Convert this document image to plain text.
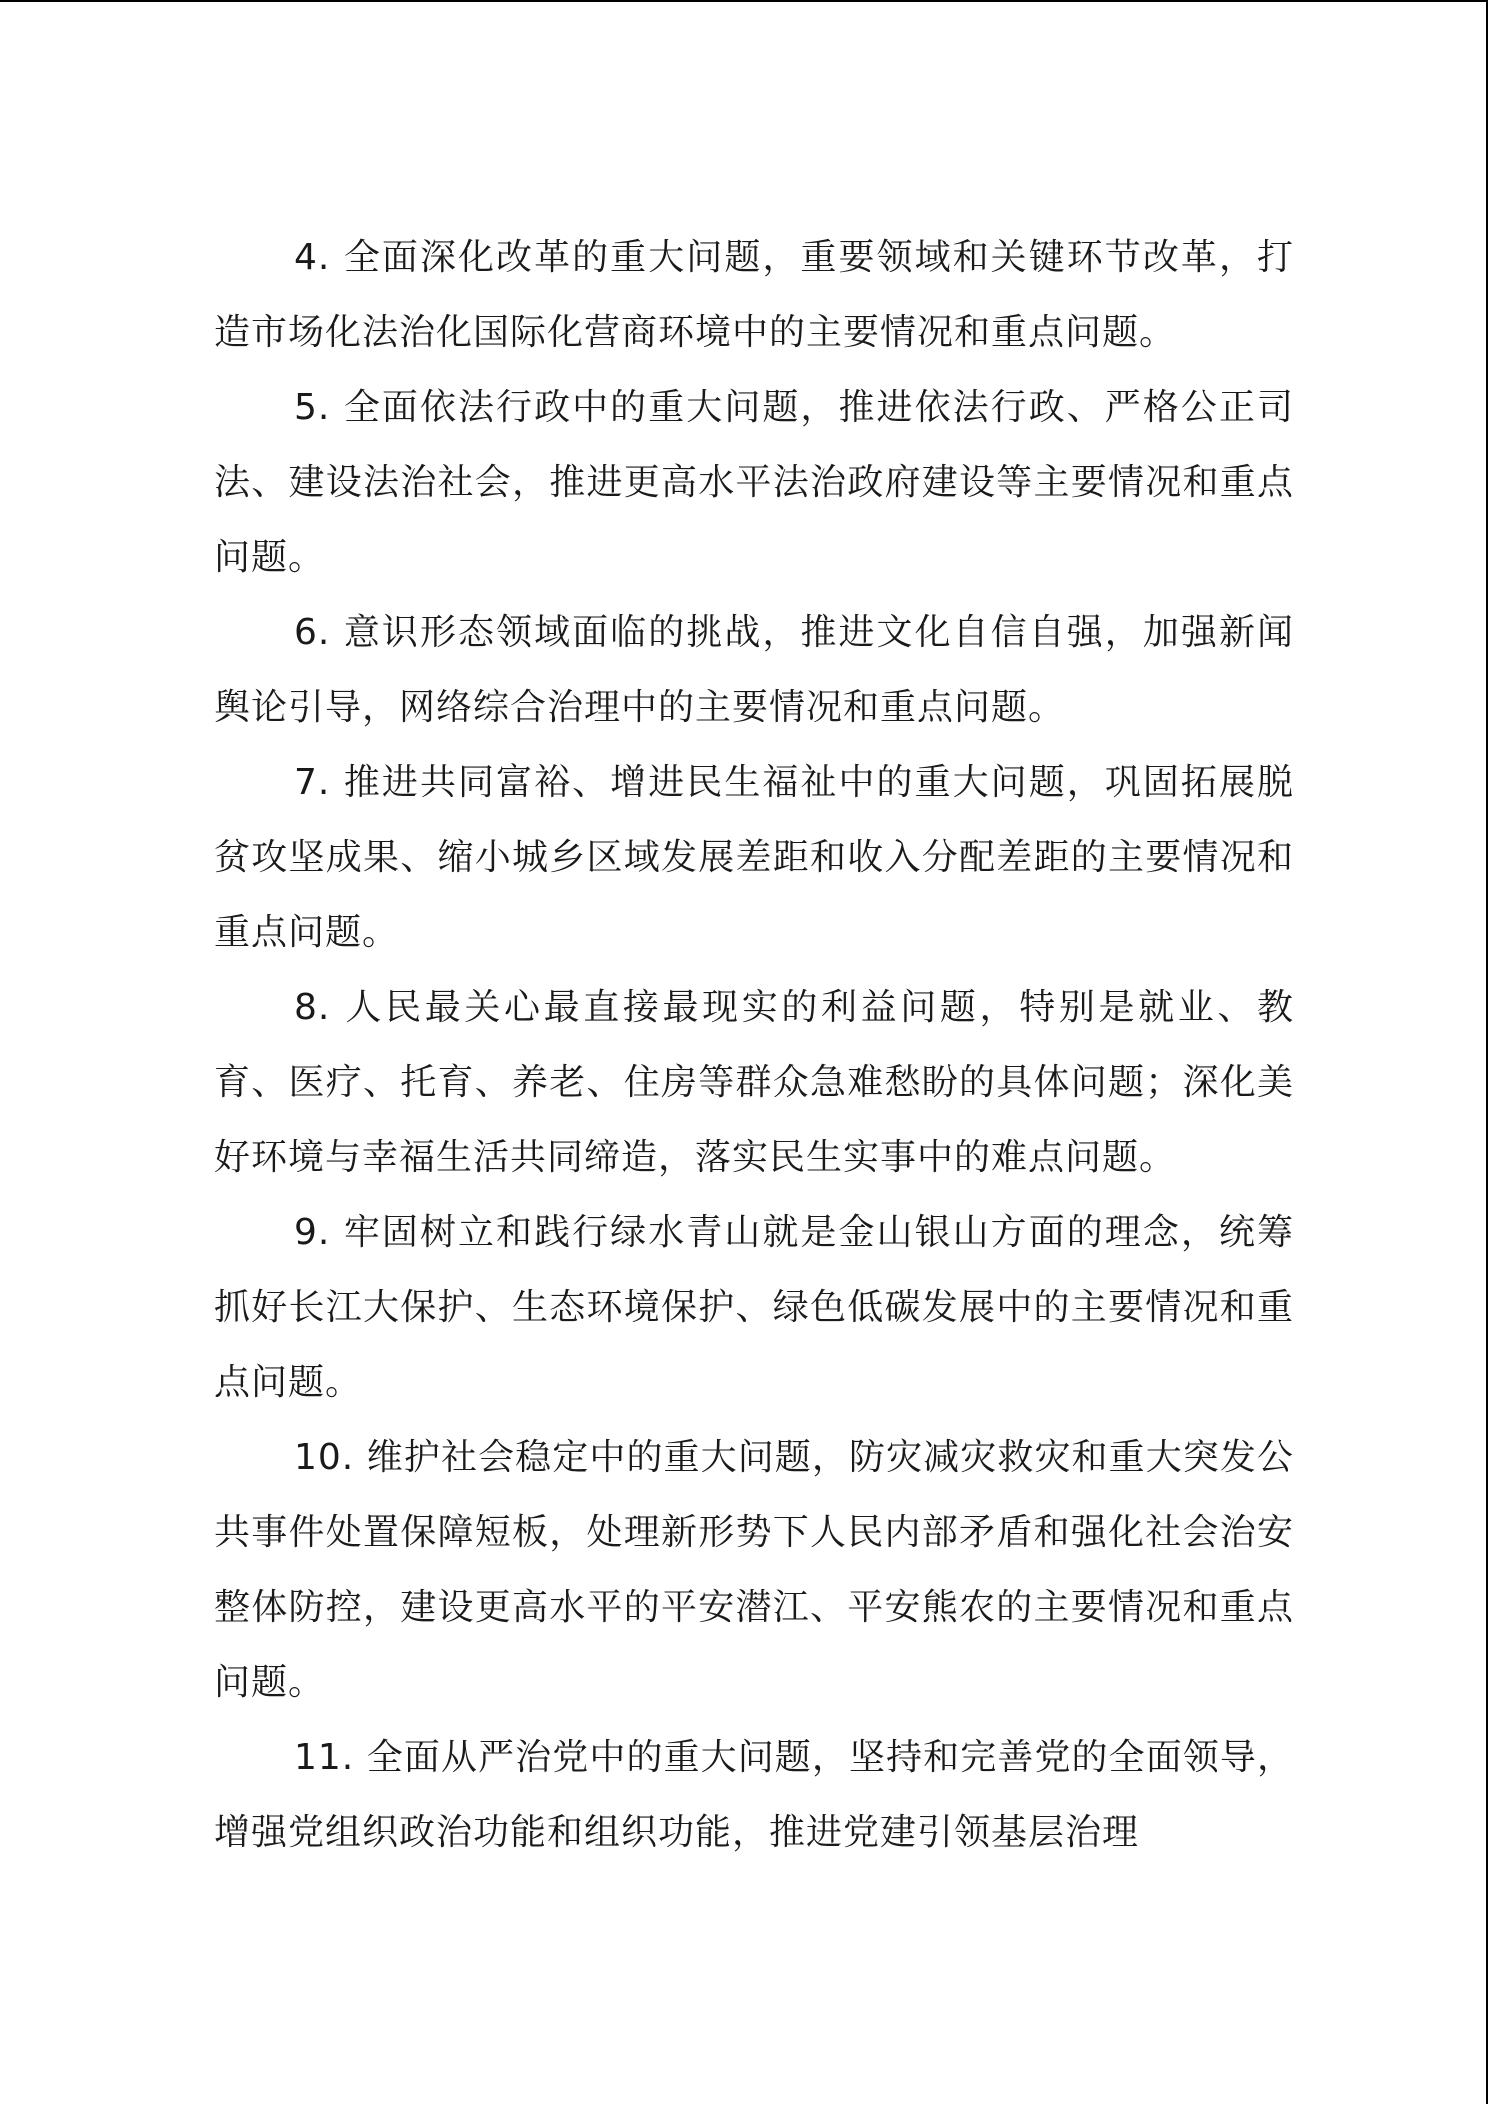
4. 全面深化改革的重大问题，重要领域和关键环节改革，打造市场化法治化国际化营商环境中的主要情况和重点问题。

5. 全面依法行政中的重大问题，推进依法行政、严格公正司法、建设法治社会，推进更高水平法治政府建设等主要情况和重点问题。

6. 意识形态领域面临的挑战，推进文化自信自强，加强新闻舆论引导，网络综合治理中的主要情况和重点问题。

7. 推进共同富裕、增进民生福祉中的重大问题，巩固拓展脱贫攻坚成果、缩小城乡区域发展差距和收入分配差距的主要情况和重点问题。

8. 人民最关心最直接最现实的利益问题，特别是就业、教育、医疗、托育、养老、住房等群众急难愁盼的具体问题；深化美好环境与幸福生活共同缔造，落实民生实事中的难点问题。

9. 牢固树立和践行绿水青山就是金山银山方面的理念，统筹抓好长江大保护、生态环境保护、绿色低碳发展中的主要情况和重点问题。

10. 维护社会稳定中的重大问题，防灾减灾救灾和重大突发公共事件处置保障短板，处理新形势下人民内部矛盾和强化社会治安整体防控，建设更高水平的平安潜江、平安熊农的主要情况和重点问题。

11. 全面从严治党中的重大问题，坚持和完善党的全面领导，增强党组织政治功能和组织功能，推进党建引领基层治理
